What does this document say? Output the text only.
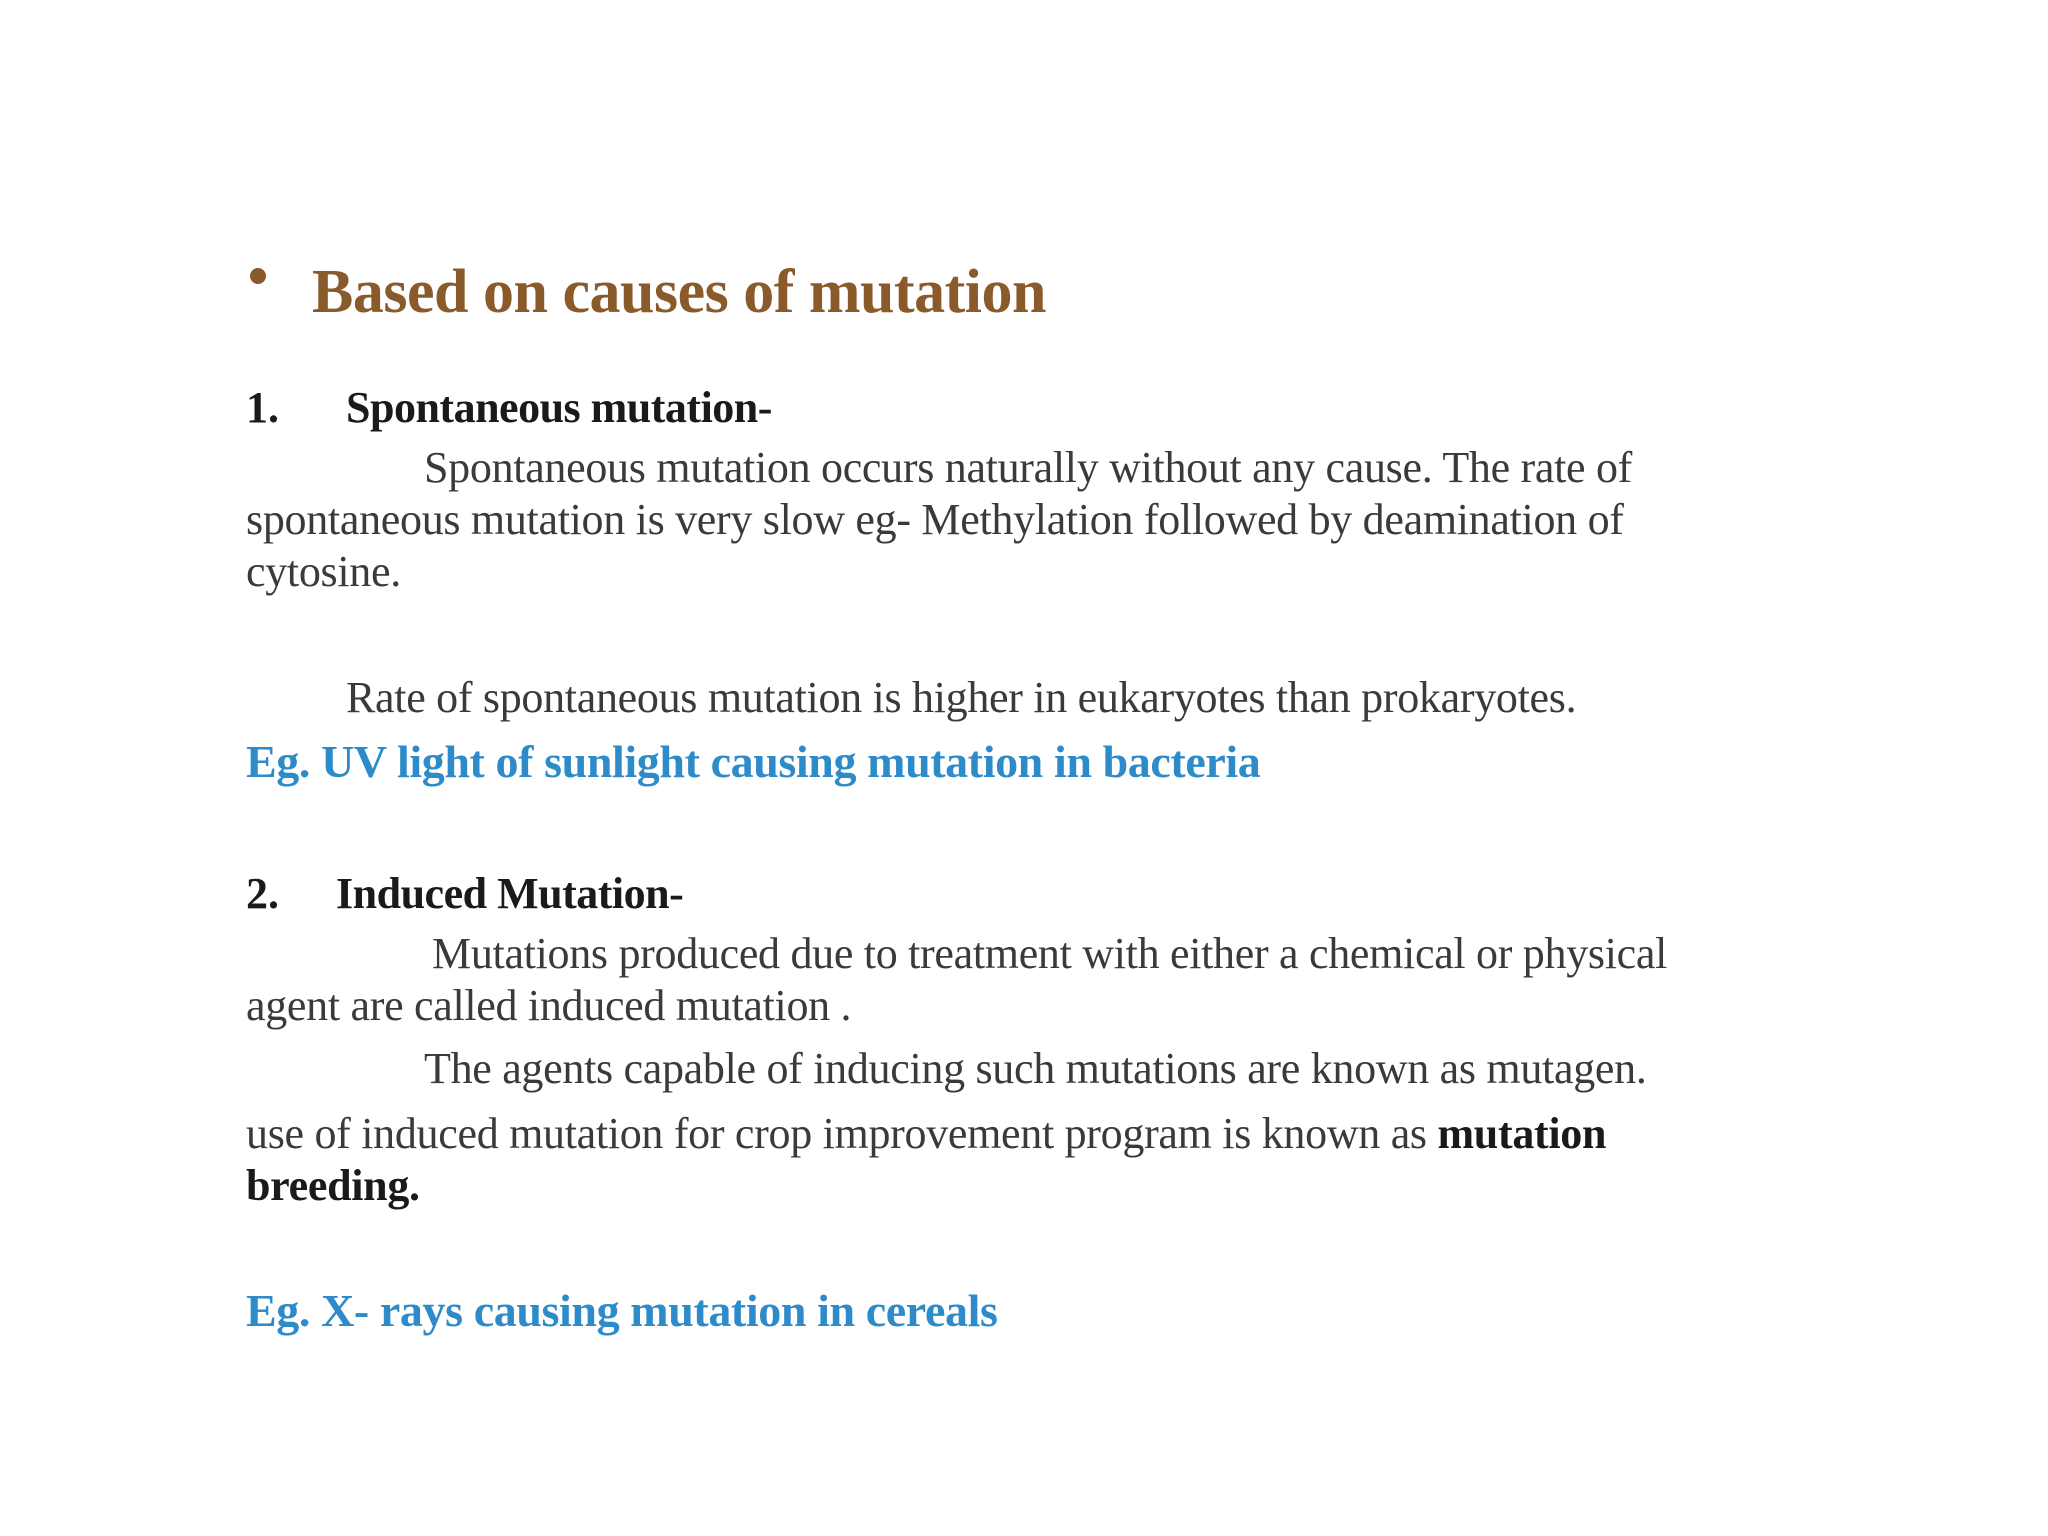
Based on causes of mutation
1. Spontaneous mutation-
Spontaneous mutation occurs naturally without any cause. The rate of
spontaneous mutation is very slow eg- Methylation followed by deamination of
cytosine.
Rate of spontaneous mutation is higher in eukaryotes than prokaryotes.
Eg. UV light of sunlight causing mutation in bacteria
2. Induced Mutation-
Mutations produced due to treatment with either a chemical or physical
agent are called induced mutation .
The agents capable of inducing such mutations are known as mutagen.
use of induced mutation for crop improvement program is known as mutation
breeding.
Eg. X- rays causing mutation in cereals
